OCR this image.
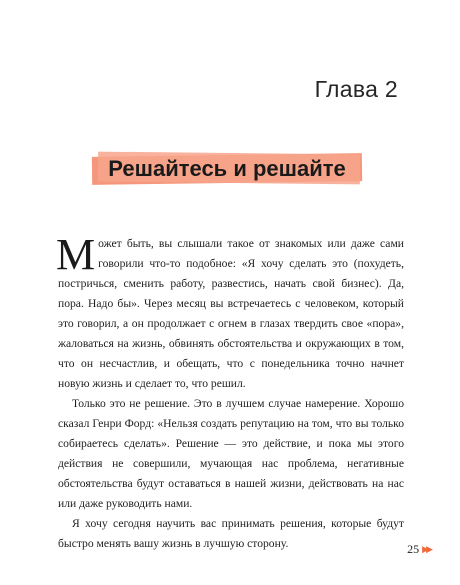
Глава 2
Решайтесь и решайте

Может быть, вы слышали такое от знакомых или даже сами говорили что-то подобное: «Я хочу сделать это (похудеть, постричься, сменить работу, развестись, начать свой бизнес). Да, пора. Надо бы». Через месяц вы встречаетесь с человеком, который это говорил, а он продолжает с огнем в глазах твердить свое «пора», жаловаться на жизнь, обвинять обстоятельства и окружающих в том, что он несчастлив, и обещать, что с понедельника точно начнет новую жизнь и сделает то, что решил.

Только это не решение. Это в лучшем случае намерение. Хорошо сказал Генри Форд: «Нельзя создать репутацию на том, что вы только собираетесь сделать». Решение — это действие, и пока мы этого действия не совершили, мучающая нас проблема, негативные обстоятельства будут оставаться в нашей жизни, действовать на нас или даже руководить нами.

Я хочу сегодня научить вас принимать решения, которые будут быстро менять вашу жизнь в лучшую сторону.	25 ▶▶
